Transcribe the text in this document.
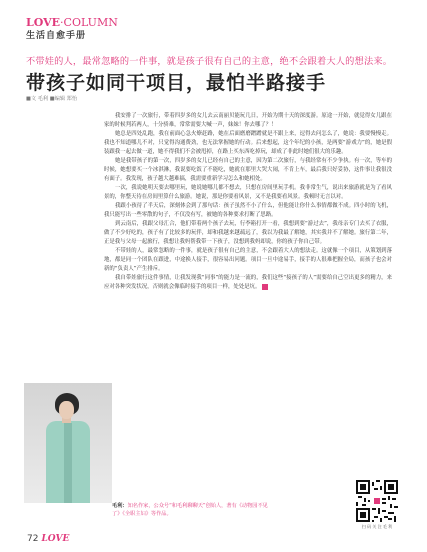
LOVE·COLUMN
生活自愈手册
不带娃的人，最常忽略的一件事，就是孩子很有自己的主意，绝不会跟着大人的想法来。
带孩子如同干项目，最怕半路接手
■文 毛利 ■编辑 郑怡

我安排了一次旅行，带着四岁多的女儿去云南丽贝能玩几日，开始为期十天的深度游。原途一开始，就觉得女儿跟在家的时候判若两人，十分骄难，常常需要大喊一声，妹妹！你去哪了？！

她总是四处乱跑，我在前面心急火燎赶路，她在后面磨磨蹭蹭就是不跟上来，逗得去问怎么了，她说：我要慢慢走。我也不知道哪儿不对，只觉得沟通费劲，也无法掌握她的行动。后来想起，这个年纪的小孩，是两要“游戏力”的，她是假装跟我一起去做一道，她不得我们不会被甩掉，在路上买东西吃掉玩，却成了非此时她们很大的乐趣。

她是我带孩子的第一次，四岁多的女儿已经有自己的主意，因为第二次旅行，与我经常有不少争执。有一次，等车的时候，她想要买一个冰淇淋，我说要吃饭了不能吃，她就在那里大哭大闹，不肯上车，最后我只好妥协，这件事让我很没有面子。我发现，孩子越大越难搞，我需要重新学习怎么和她相处。

一次，我说她明天要去哪里玩，她说她哪儿都不想去，只想在房间里玩手机。我非常生气，说出来旅游就是为了看风景的，你整天待在房间里算什么旅游。她说，那是你要看风景，又不是我要看风景。我顿时无言以对。

我跟小孩待了半天后，深刻体会到了那句话：孩子虽然不小了什么，但他能让你什么事情都做不成。四小时的飞机，我只能写出一些零散的句子，不仅没有写，被她的各种要求打断了思路。

到云南后，我跟父母汇合，他们带着两个孩子去玩，行李箱打开一看，我想到要“游过去”，我母亲专门去买了衣服，做了不少好吃的，孩子有了比较多的玩伴，却和我越来越疏远了，我以为我最了解她，其实我并不了解她。旅行第二年，正是我与父母一起旅行，我想让我妈帮我带一下孩子，没想到我妈却说，你的孩子你自己带。

不带娃的人，最常忽略的一件事，就是孩子很有自己的主意，不会跟着大人的想法走。这就像一个项目，从策划到落地，都是同一个团队在跟进，中途换人接手，很容易出问题。项目一旦中途易手，接手的人很难把握全局，而孩子也会对新的“负责人”产生排斥。

我自带娃旅行这件事情，让我发现我“同事”的能力是一流的，我们这些“接孩子的人”需要给自己空出更多的精力，来应对各种突发状况，否则就会像临时接手的项目一样，处处是坑。	L

毛利：知名作家，公众号“和毛利聊聊天”创始人，著有《动物园不见了》《全职主妇》等作品。
扫 码 关 注 毛 利
72 LOVE
